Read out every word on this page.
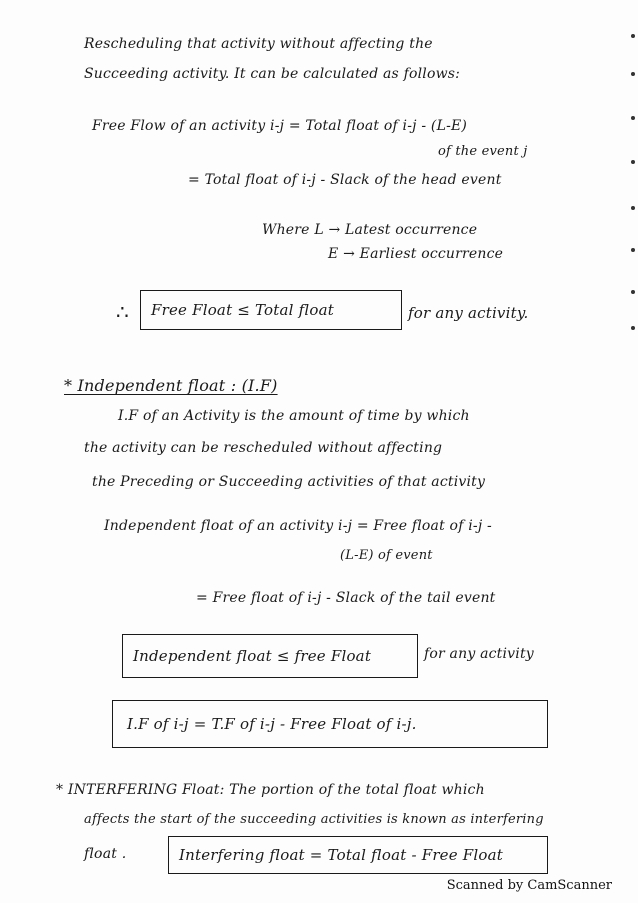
Rescheduling that activity without affecting the
Succeeding activity. It can be calculated as follows:
Free Flow of an activity i-j = Total float of i-j - (L-E)
of the event j
= Total float of i-j - Slack of the head event
Where L → Latest occurrence
E → Earliest occurrence
∴ Free Float ≤ Total float	for any activity.
* Independent float : (I.F)
I.F of an Activity is the amount of time by which
the activity can be rescheduled without affecting
the Preceding or Succeeding activities of that activity
Independent float of an activity i-j = Free float of i-j -
(L-E) of event
= Free float of i-j - Slack of the tail event
Independent float ≤ free Float	for any activity
I.F of i-j = T.F of i-j - Free Float of i-j.
* INTERFERING Float: The portion of the total float which
affects the start of the succeeding activities is known as interfering
float .	Interfering float = Total float - Free Float
Scanned by CamScanner
